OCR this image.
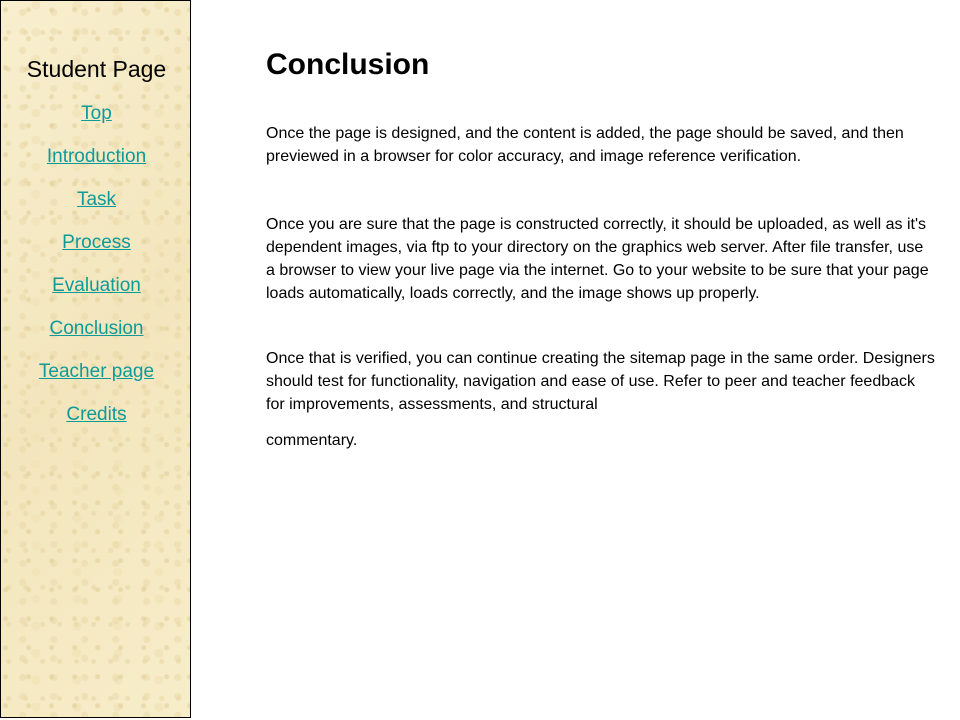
Student Page
Top
Introduction
Task
Process
Evaluation
Conclusion
Teacher page
Credits
Conclusion

Once the page is designed, and the content is added, the page should be saved, and then previewed in a browser for color accuracy, and image reference verification.

Once you are sure that the page is constructed correctly, it should be uploaded, as well as it's dependent images, via ftp to your directory on the graphics web server. After file transfer, use a browser to view your live page via the internet. Go to your website to be sure that your page loads automatically, loads correctly, and the image shows up properly.

Once that is verified, you can continue creating the sitemap page in the same order. Designers should test for functionality, navigation and ease of use. Refer to peer and teacher feedback for improvements, assessments, and structural

commentary.
